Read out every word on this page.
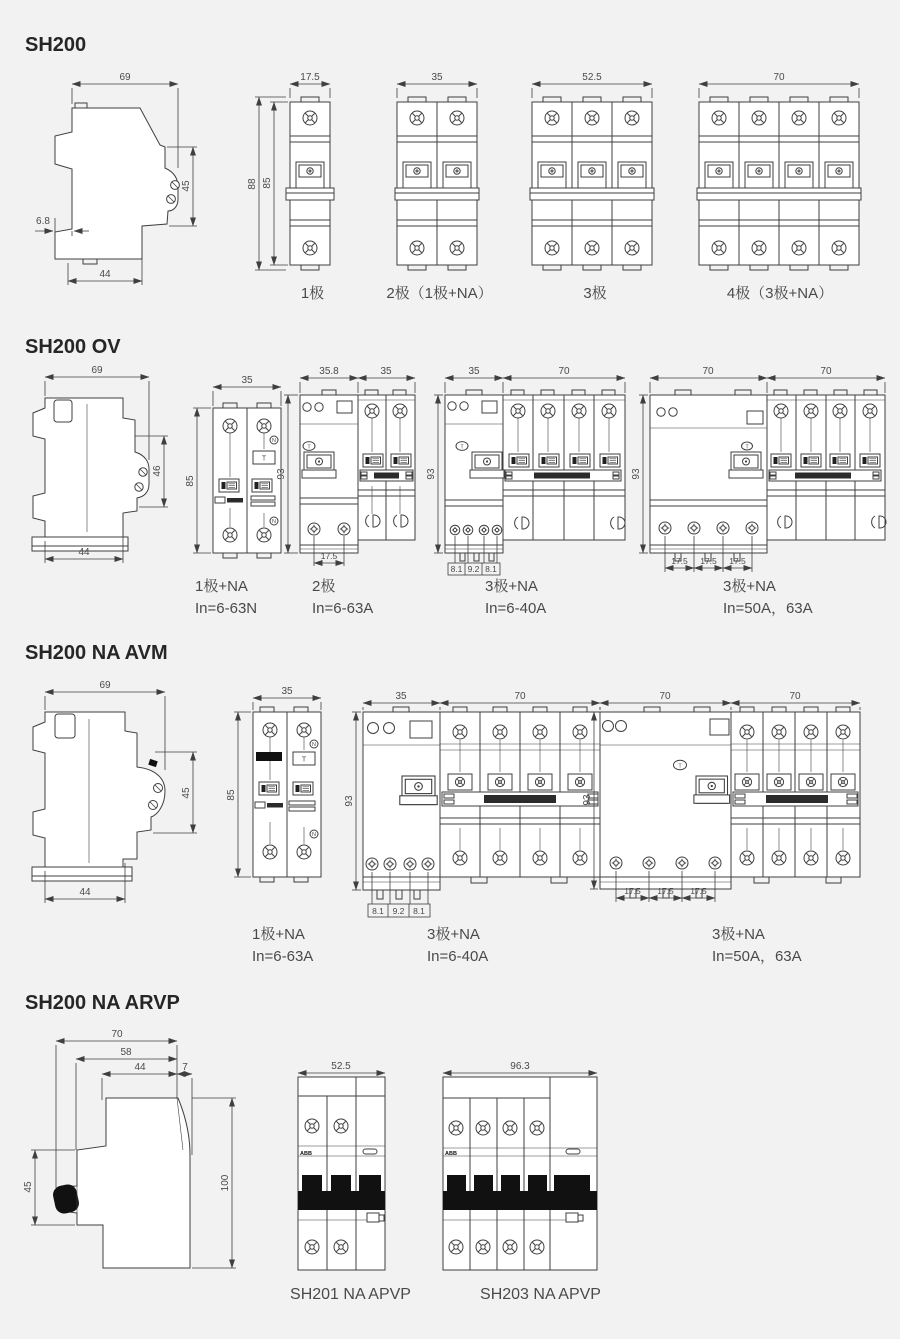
SH200
69
45
6.8
44
17.5
88 85
35	52.5	70
1极	2极（1极+NA）	3极	4极（3极+NA）
SH200 OV
69
46
44
N
N
T
35
85
T
35.8	35
93
17.5
T
35	70
93
8.1 9.2 8.1
T
70	70
93
17.5 17.5 17.5
1极+NA
In=6-63N
2极
In=6-63A
3极+NA
In=6-40A
3极+NA
In=50A，63A
SH200 NA AVM
69
45
44
N
N
T
35
85
35	70
93
8.1 9.2 8.1
T
70	70
93
17.5 17.5 17.5
1极+NA
In=6-63A
3极+NA
In=6-40A
3极+NA
In=50A，63A
SH200 NA ARVP
70
58
44	7
45	100
ABB
52.5
ABB
96.3
SH201 NA APVP	SH203 NA APVP
